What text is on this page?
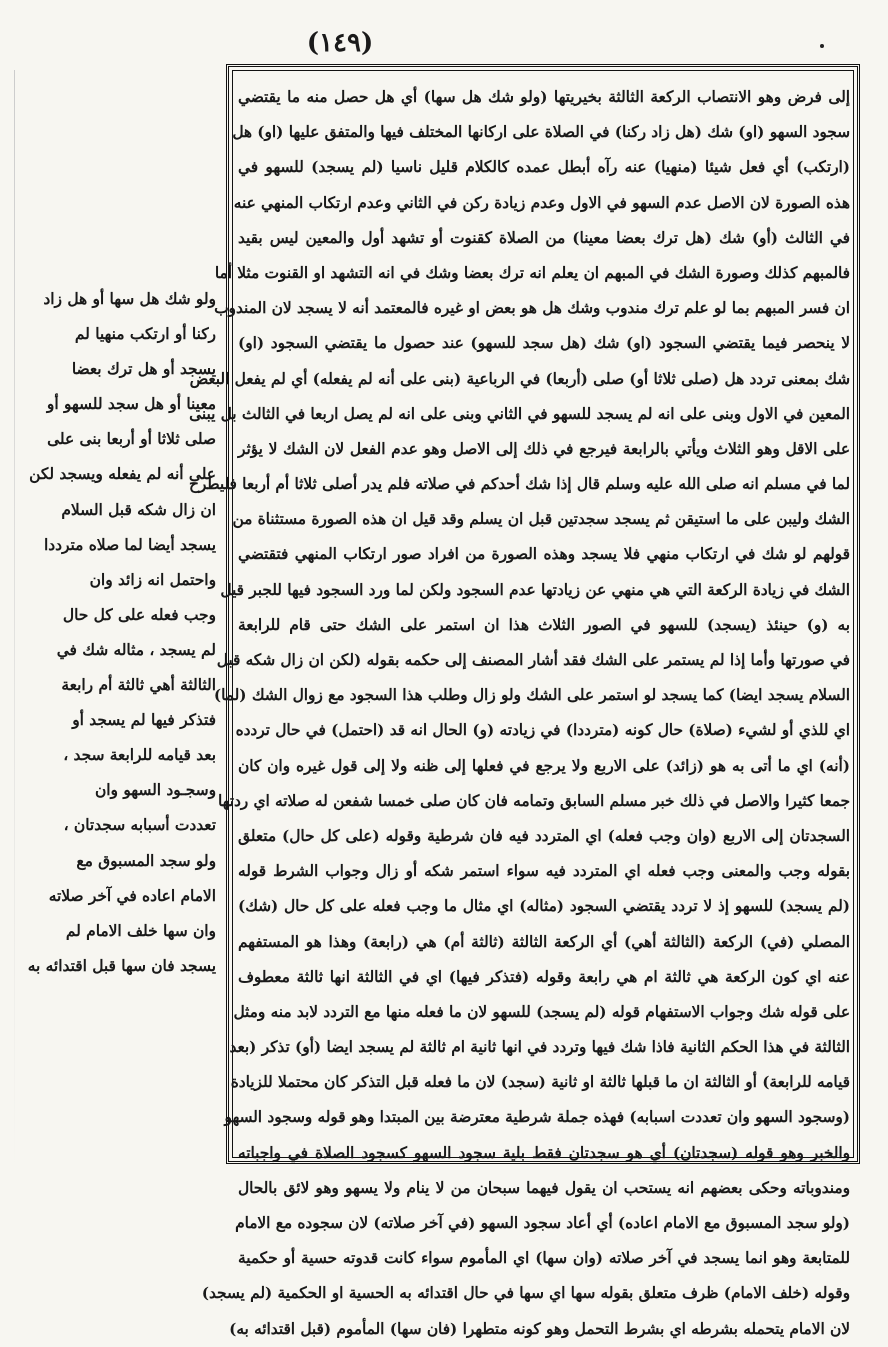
(١٤٩)
إلى فرض وهو الانتصاب الركعة الثالثة بخيريتها (ولو شك هل سها) أي هل حصل منه ما يقتضي
سجود السهو (او) شك (هل زاد ركنا) في الصلاة على اركانها المختلف فيها والمتفق عليها (او) هل
(ارتكب) أي فعل شيئا (منهيا) عنه رآه أبطل عمده كالكلام قليل ناسيا (لم يسجد) للسهو في
هذه الصورة لان الاصل عدم السهو في الاول وعدم زيادة ركن في الثاني وعدم ارتكاب المنهي عنه
في الثالث (أو) شك (هل ترك بعضا معينا) من الصلاة كقنوت أو تشهد أول والمعين ليس بقيد
فالمبهم كذلك وصورة الشك في المبهم ان يعلم انه ترك بعضا وشك في انه التشهد او القنوت مثلا أما
ان فسر المبهم بما لو علم ترك مندوب وشك هل هو بعض او غيره فالمعتمد أنه لا يسجد لان المندوب
لا ينحصر فيما يقتضي السجود (او) شك (هل سجد للسهو) عند حصول ما يقتضي السجود (او)
شك بمعنى تردد هل (صلى ثلاثا أو) صلى (أربعا) في الرباعية (بنى على أنه لم يفعله) أي لم يفعل البعض
المعين في الاول وبنى على انه لم يسجد للسهو في الثاني وبنى على انه لم يصل اربعا في الثالث بل يبنى
على الاقل وهو الثلاث ويأتي بالرابعة فيرجع في ذلك إلى الاصل وهو عدم الفعل لان الشك لا يؤثر
لما في مسلم انه صلى الله عليه وسلم قال إذا شك أحدكم في صلاته فلم يدر أصلى ثلاثا أم أربعا فليطرح
الشك وليبن على ما استيقن ثم يسجد سجدتين قبل ان يسلم وقد قيل ان هذه الصورة مستثناة من
قولهم لو شك في ارتكاب منهي فلا يسجد وهذه الصورة من افراد صور ارتكاب المنهي فتقتضي
الشك في زيادة الركعة التي هي منهي عن زيادتها عدم السجود ولكن لما ورد السجود فيها للجبر قيل
به (و) حينئذ (يسجد) للسهو في الصور الثلاث هذا ان استمر على الشك حتى قام للرابعة
في صورتها وأما إذا لم يستمر على الشك فقد أشار المصنف إلى حكمه بقوله (لكن ان زال شكه قبل
السلام يسجد ايضا) كما يسجد لو استمر على الشك ولو زال وطلب هذا السجود مع زوال الشك (لما)
اي للذي أو لشيء (صلاة) حال كونه (مترددا) في زيادته (و) الحال انه قد (احتمل) في حال تردده
(أنه) اي ما أتى به هو (زائد) على الاربع ولا يرجع في فعلها إلى ظنه ولا إلى قول غيره وان كان
جمعا كثيرا والاصل في ذلك خبر مسلم السابق وتمامه فان كان صلى خمسا شفعن له صلاته اي ردتها
السجدتان إلى الاربع (وان وجب فعله) اي المتردد فيه فان شرطية وقوله (على كل حال) متعلق
بقوله وجب والمعنى وجب فعله اي المتردد فيه سواء استمر شكه أو زال وجواب الشرط قوله
(لم يسجد) للسهو إذ لا تردد يقتضي السجود (مثاله) اي مثال ما وجب فعله على كل حال (شك)
المصلي (في) الركعة (الثالثة أهي) أي الركعة الثالثة (ثالثة أم) هي (رابعة) وهذا هو المستفهم
عنه اي كون الركعة هي ثالثة ام هي رابعة وقوله (فتذكر فيها) اي في الثالثة انها ثالثة معطوف
على قوله شك وجواب الاستفهام قوله (لم يسجد) للسهو لان ما فعله منها مع التردد لابد منه ومثل
الثالثة في هذا الحكم الثانية فاذا شك فيها وتردد في انها ثانية ام ثالثة لم يسجد ايضا (أو) تذكر (بعد
قيامه للرابعة) أو الثالثة ان ما قبلها ثالثة او ثانية (سجد) لان ما فعله قبل التذكر كان محتملا للزيادة
(وسجود السهو وان تعددت اسبابه) فهذه جملة شرطية معترضة بين المبتدا وهو قوله وسجود السهو
والخبر وهو قوله (سجدتان) أي هو سجدتان فقط بلية سجود السهو كسجود الصلاة في واجباته
ومندوباته وحكى بعضهم انه يستحب ان يقول فيهما سبحان من لا ينام ولا يسهو وهو لائق بالحال
(ولو سجد المسبوق مع الامام اعاده) أي أعاد سجود السهو (في آخر صلاته) لان سجوده مع الامام
للمتابعة وهو انما يسجد في آخر صلاته (وان سها) اي المأموم سواء كانت قدوته حسية أو حكمية
وقوله (خلف الامام) ظرف متعلق بقوله سها اي سها في حال اقتدائه به الحسية او الحكمية (لم يسجد)
لان الامام يتحمله بشرطه اي بشرط التحمل وهو كونه متطهرا (فان سها) المأموم (قبل اقتدائه به)
ولو شك هل سها أو هل زاد
ركنا أو ارتكب منهيا لم
يسجد أو هل ترك بعضا
معينا أو هل سجد للسهو أو
صلى ثلاثا أو أربعا بنى على
على أنه لم يفعله ويسجد لكن
ان زال شكه قبل السلام
يسجد أيضا لما صلاه مترددا
واحتمل انه زائد وان
وجب فعله على كل حال
لم يسجد ، مثاله شك في
الثالثة أهي ثالثة أم رابعة
فتذكر فيها لم يسجد أو
بعد قيامه للرابعة سجد ،
وسجـود السهو وان
تعددت أسبابه سجدتان ،
ولو سجد المسبوق مع
الامام اعاده في آخر صلاته
وان سها خلف الامام لم
يسجد فان سها قبل اقتدائه به
